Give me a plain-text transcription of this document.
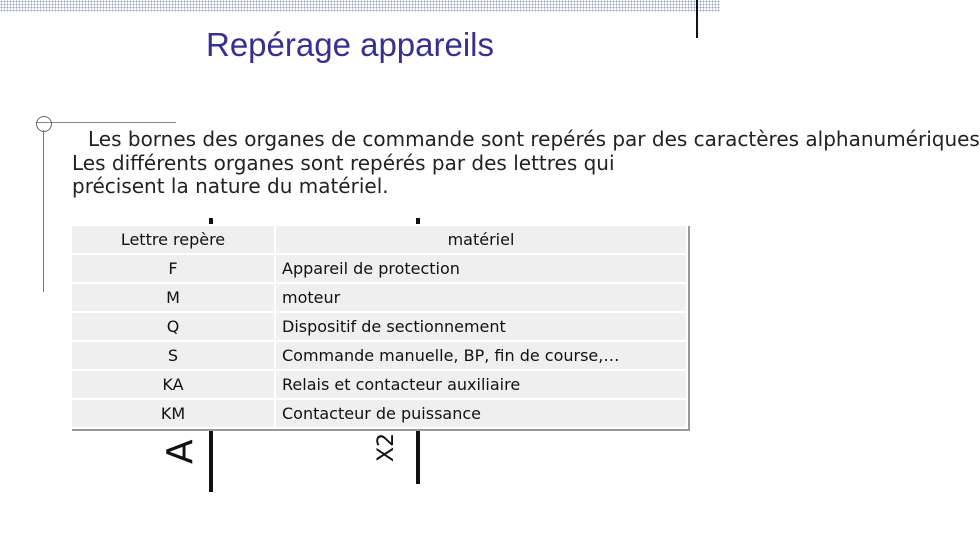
Repérage appareils
Les bornes des organes de commande sont repérés par des caractères alphanumériques
Les différents organes sont repérés par des lettres qui précisent la nature du matériel.
A	X2
Lettre repère	matériel
F	Appareil de protection
M	moteur
Q	Dispositif de sectionnement
S	Commande manuelle, BP, fin de course,…
KA	Relais et contacteur auxiliaire
KM	Contacteur de puissance
